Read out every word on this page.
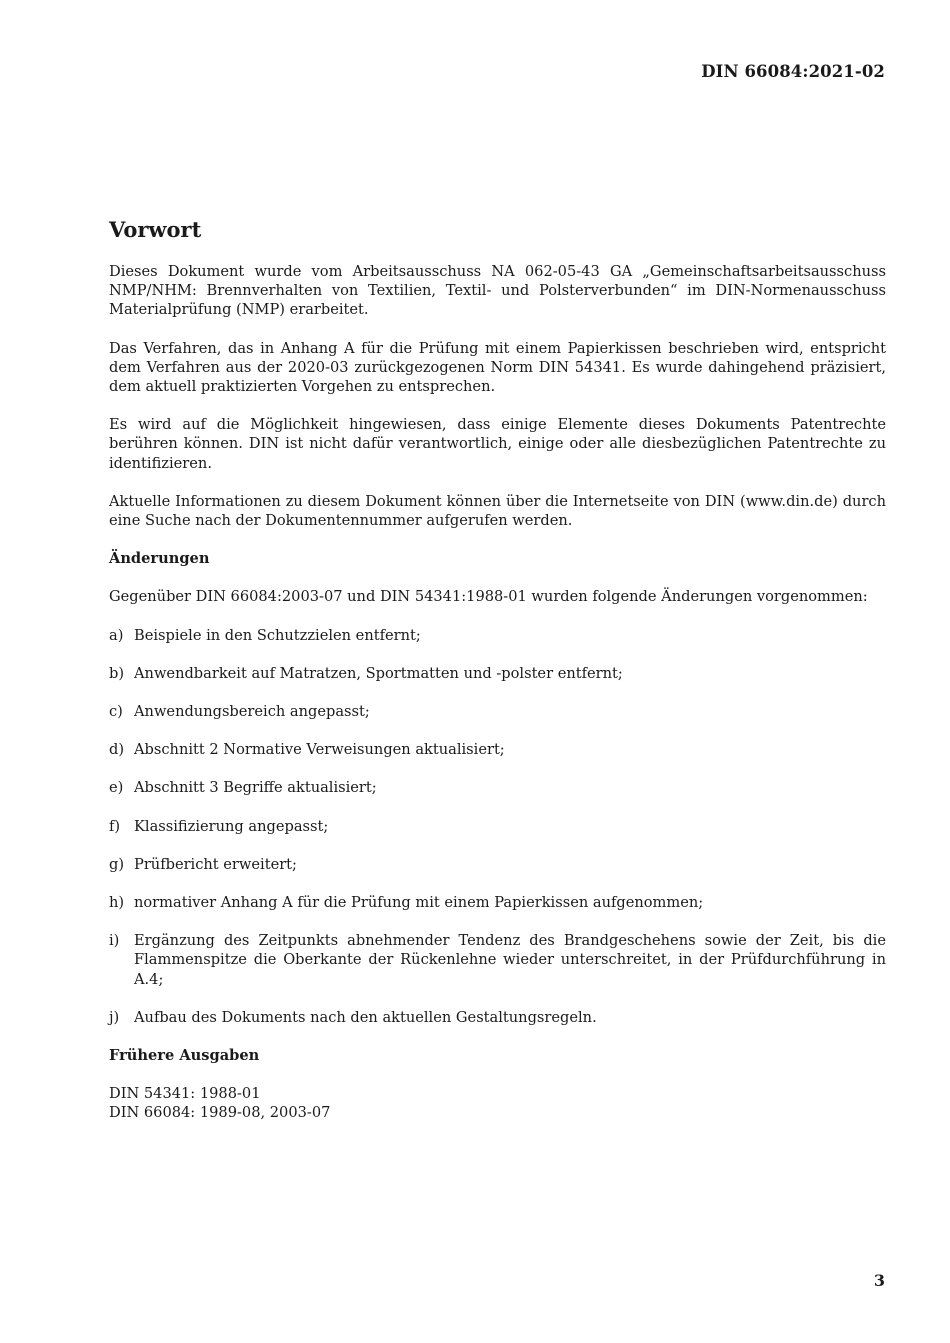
DIN 66084:2021-02
Vorwort

Dieses Dokument wurde vom Arbeitsausschuss NA 062-05-43 GA „Gemeinschaftsarbeitsausschuss NMP/NHM: Brennverhalten von Textilien, Textil- und Polsterverbunden“ im DIN-Normenausschuss Materialprüfung (NMP) erarbeitet.

Das Verfahren, das in Anhang A für die Prüfung mit einem Papierkissen beschrieben wird, entspricht dem Verfahren aus der 2020-03 zurückgezogenen Norm DIN 54341. Es wurde dahingehend präzisiert, dem aktuell praktizierten Vorgehen zu entsprechen.

Es wird auf die Möglichkeit hingewiesen, dass einige Elemente dieses Dokuments Patentrechte berühren können. DIN ist nicht dafür verantwortlich, einige oder alle diesbezüglichen Patentrechte zu identifizieren.

Aktuelle Informationen zu diesem Dokument können über die Internetseite von DIN (www.din.de) durch eine Suche nach der Dokumentennummer aufgerufen werden.

Änderungen

Gegenüber DIN 66084:2003-07 und DIN 54341:1988-01 wurden folgende Änderungen vorgenommen:

a) Beispiele in den Schutzzielen entfernt;
b) Anwendbarkeit auf Matratzen, Sportmatten und -polster entfernt;
c) Anwendungsbereich angepasst;
d) Abschnitt 2 Normative Verweisungen aktualisiert;
e) Abschnitt 3 Begriffe aktualisiert;
f) Klassifizierung angepasst;
g) Prüfbericht erweitert;
h) normativer Anhang A für die Prüfung mit einem Papierkissen aufgenommen;
i)	Ergänzung des Zeitpunkts abnehmender Tendenz des Brandgeschehens sowie der Zeit, bis die Flammenspitze die Oberkante der Rückenlehne wieder unterschreitet, in der Prüfdurchführung in A.4;
j)	Aufbau des Dokuments nach den aktuellen Gestaltungsregeln.
Frühere Ausgaben
DIN 54341: 1988-01
DIN 66084: 1989-08, 2003-07
3
